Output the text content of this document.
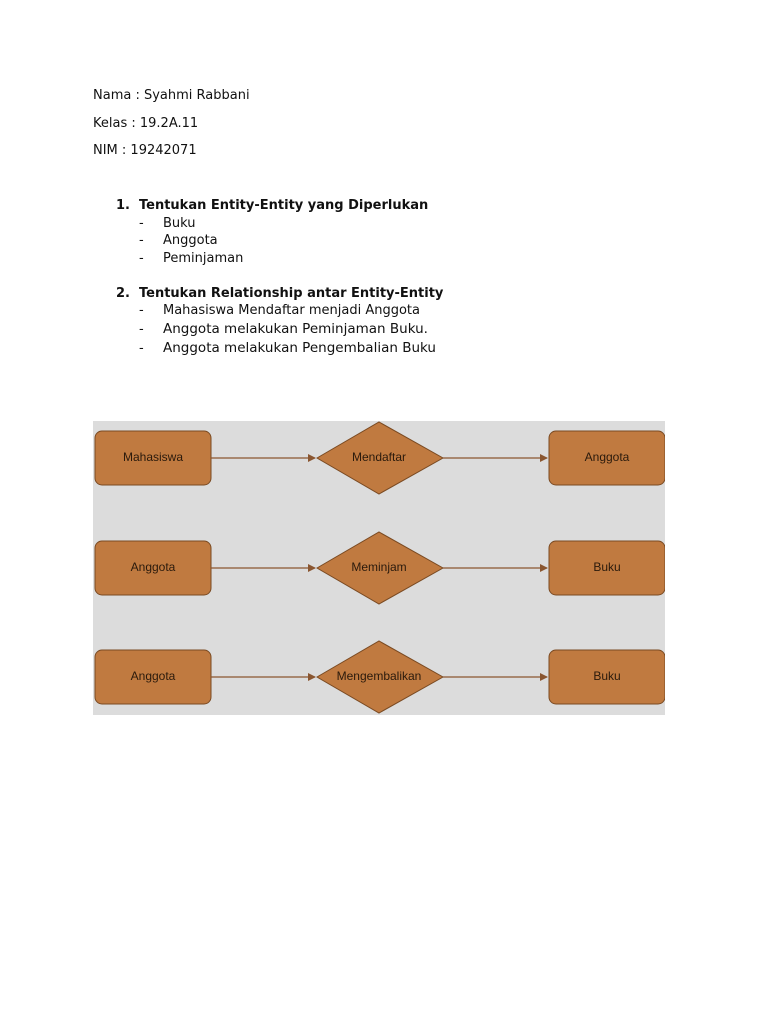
Nama : Syahmi Rabbani
Kelas : 19.2A.11
NIM : 19242071
1. Tentukan Entity-Entity yang Diperlukan
- Buku
- Anggota
- Peminjaman
2. Tentukan Relationship antar Entity-Entity
- Mahasiswa Mendaftar menjadi Anggota
- Anggota melakukan Peminjaman Buku.
- Anggota melakukan Pengembalian Buku
Mahasiswa	Mendaftar	Anggota
Anggota	Meminjam	Buku
Anggota	Mengembalikan	Buku
